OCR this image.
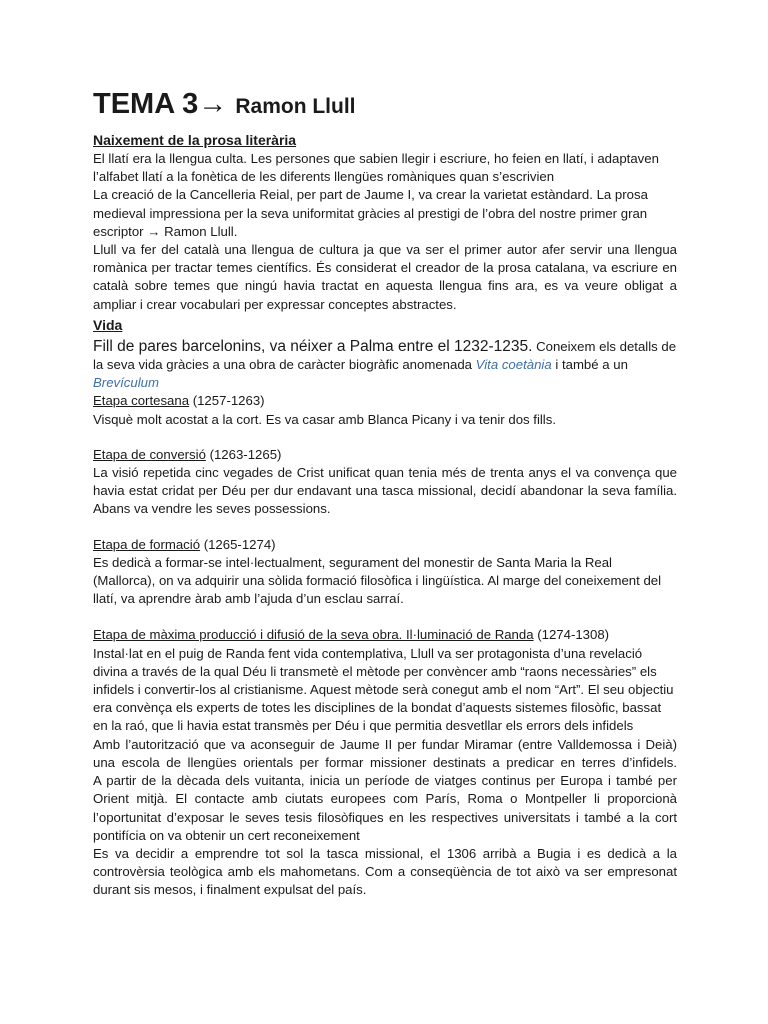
TEMA 3→ Ramon Llull
Naixement de la prosa literària

El llatí era la llengua culta. Les persones que sabien llegir i escriure, ho feien en llatí, i adaptaven l’alfabet llatí a la fonètica de les diferents llengües romàniques quan s’escrivien

La creació de la Cancelleria Reial, per part de Jaume I, va crear la varietat estàndard. La prosa medieval impressiona per la seva uniformitat gràcies al prestigi de l’obra del nostre primer gran escriptor → Ramon Llull.

Llull va fer del català una llengua de cultura ja que va ser el primer autor afer servir una llengua romànica per tractar temes científics. És considerat el creador de la prosa catalana, va escriure en català sobre temes que ningú havia tractat en aquesta llengua fins ara, es va veure obligat a ampliar i crear vocabulari per expressar conceptes abstractes.

Vida

Fill de pares barcelonins, va néixer a Palma entre el 1232-1235. Coneixem els detalls de la seva vida gràcies a una obra de caràcter biogràfic anomenada Vita coetània i també a un Brevículum

Etapa cortesana (1257-1263)

Visquè molt acostat a la cort. Es va casar amb Blanca Picany i va tenir dos fills.

Etapa de conversió (1263-1265)

La visió repetida cinc vegades de Crist unificat quan tenia més de trenta anys el va convença que havia estat cridat per Déu per dur endavant una tasca missional, decidí abandonar la seva família. Abans va vendre les seves possessions.

Etapa de formació (1265-1274)

Es dedicà a formar-se intel·lectualment, segurament del monestir de Santa Maria la Real (Mallorca), on va adquirir una sòlida formació filosòfica i lingüística. Al marge del coneixement del llatí, va aprendre àrab amb l’ajuda d’un esclau sarraí.

Etapa de màxima producció i difusió de la seva obra. Il·luminació de Randa (1274-1308)

Instal·lat en el puig de Randa fent vida contemplativa, Llull va ser protagonista d’una revelació divina a través de la qual Déu li transmetè el mètode per convèncer amb “raons necessàries” els infidels i convertir-los al cristianisme. Aquest mètode serà conegut amb el nom “Art”. El seu objectiu era convènça els experts de totes les disciplines de la bondat d’aquests sistemes filosòfic, bassat en la raó, que li havia estat transmès per Déu i que permitia desvetllar els errors dels infidels

Amb l’autorització que va aconseguir de Jaume II per fundar Miramar (entre Valldemossa i Deià) una escola de llengües orientals per formar missioner destinats a predicar en terres d’infidels.          A partir de la dècada dels vuitanta, inicia un període de viatges continus per Europa i també per Orient mitjà. El contacte amb ciutats europees com París, Roma o Montpeller li proporcionà l’oportunitat d’exposar le seves tesis filosòfiques en les respectives universitats i també a la cort pontifícia on va obtenir un cert reconeixement

Es va decidir a emprendre tot sol la tasca missional, el 1306 arribà a Bugia i es dedicà a la controvèrsia teològica amb els mahometans. Com a conseqüència de tot això va ser empresonat durant sis mesos, i finalment expulsat del país.
